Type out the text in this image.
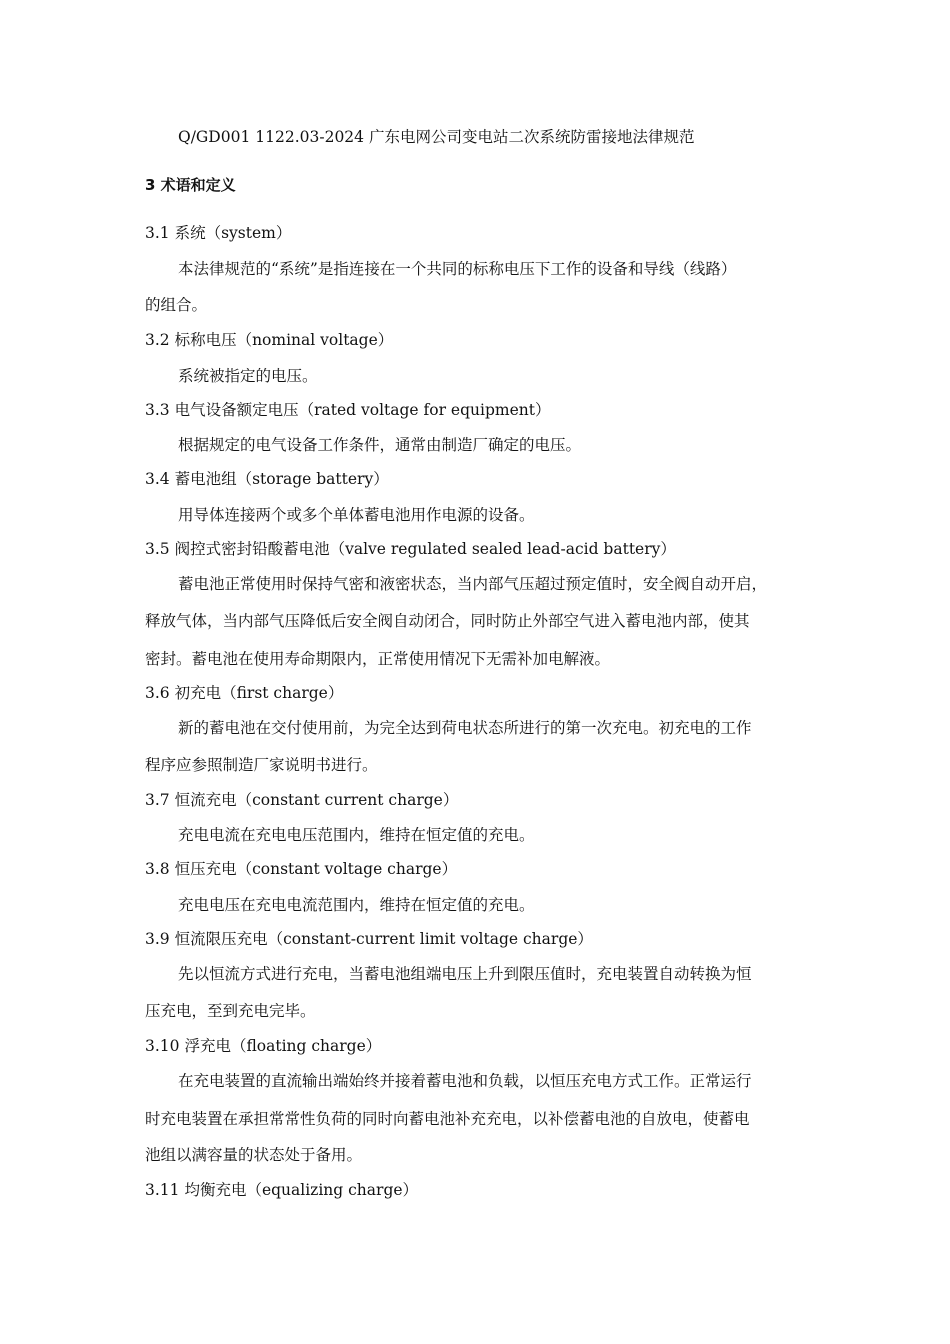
Q/GD001 1122.03-2024 广东电网公司变电站二次系统防雷接地法律规范
3 术语和定义
3.1 系统（system）
本法律规范的“系统”是指连接在一个共同的标称电压下工作的设备和导线（线路）
的组合。
3.2 标称电压（nominal voltage）
系统被指定的电压。
3.3 电气设备额定电压（rated voltage for equipment）
根据规定的电气设备工作条件，通常由制造厂确定的电压。
3.4 蓄电池组（storage battery）
用导体连接两个或多个单体蓄电池用作电源的设备。
3.5 阀控式密封铅酸蓄电池（valve regulated sealed lead-acid battery）
蓄电池正常使用时保持气密和液密状态，当内部气压超过预定值时，安全阀自动开启，
释放气体，当内部气压降低后安全阀自动闭合，同时防止外部空气进入蓄电池内部，使其
密封。蓄电池在使用寿命期限内，正常使用情况下无需补加电解液。
3.6 初充电（first charge）
新的蓄电池在交付使用前，为完全达到荷电状态所进行的第一次充电。初充电的工作
程序应参照制造厂家说明书进行。
3.7 恒流充电（constant current charge）
充电电流在充电电压范围内，维持在恒定值的充电。
3.8 恒压充电（constant voltage charge）
充电电压在充电电流范围内，维持在恒定值的充电。
3.9 恒流限压充电（constant-current limit voltage charge）
先以恒流方式进行充电，当蓄电池组端电压上升到限压值时，充电装置自动转换为恒
压充电，至到充电完毕。
3.10 浮充电（floating charge）
在充电装置的直流输出端始终并接着蓄电池和负载，以恒压充电方式工作。正常运行
时充电装置在承担常常性负荷的同时向蓄电池补充充电，以补偿蓄电池的自放电，使蓄电
池组以满容量的状态处于备用。
3.11 均衡充电（equalizing charge）
